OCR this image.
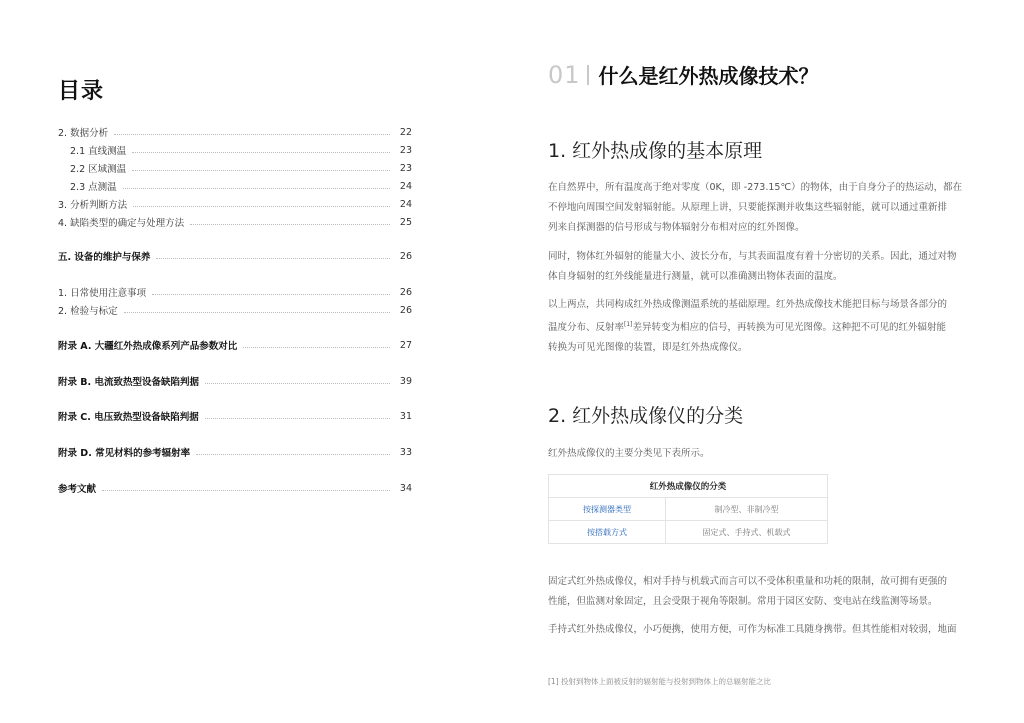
目录
2. 数据分析	22
2.1 直线测温	23
2.2 区域测温	23
2.3 点测温	24
3. 分析判断方法	24
4. 缺陷类型的确定与处理方法	25
五. 设备的维护与保养	26
1. 日常使用注意事项	26
2. 检验与标定	26
附录 A. 大疆红外热成像系列产品参数对比	27
附录 B. 电流致热型设备缺陷判据	39
附录 C. 电压致热型设备缺陷判据	31
附录 D. 常见材料的参考辐射率	33
参考文献	34
01 什么是红外热成像技术？
1. 红外热成像的基本原理
在自然界中，所有温度高于绝对零度（0K，即 -273.15℃）的物体，由于自身分子的热运动，都在
不停地向周围空间发射辐射能。从原理上讲，只要能探测并收集这些辐射能，就可以通过重新排
列来自探测器的信号形成与物体辐射分布相对应的红外图像。
同时，物体红外辐射的能量大小、波长分布，与其表面温度有着十分密切的关系。因此，通过对物
体自身辐射的红外线能量进行测量，就可以准确测出物体表面的温度。
以上两点，共同构成红外热成像测温系统的基础原理。红外热成像技术能把目标与场景各部分的
温度分布、反射率[1]差异转变为相应的信号，再转换为可见光图像。这种把不可见的红外辐射能
转换为可见光图像的装置，即是红外热成像仪。
2. 红外热成像仪的分类
红外热成像仪的主要分类见下表所示。
红外热成像仪的分类	
按探测器类型	制冷型、非制冷型
按搭载方式	固定式、手持式、机载式
固定式红外热成像仪，相对手持与机载式而言可以不受体积重量和功耗的限制，故可拥有更强的
性能，但监测对象固定，且会受限于视角等限制。常用于园区安防、变电站在线监测等场景。
手持式红外热成像仪，小巧便携，使用方便，可作为标准工具随身携带。但其性能相对较弱，地面
[1] 投射到物体上面被反射的辐射能与投射到物体上的总辐射能之比
